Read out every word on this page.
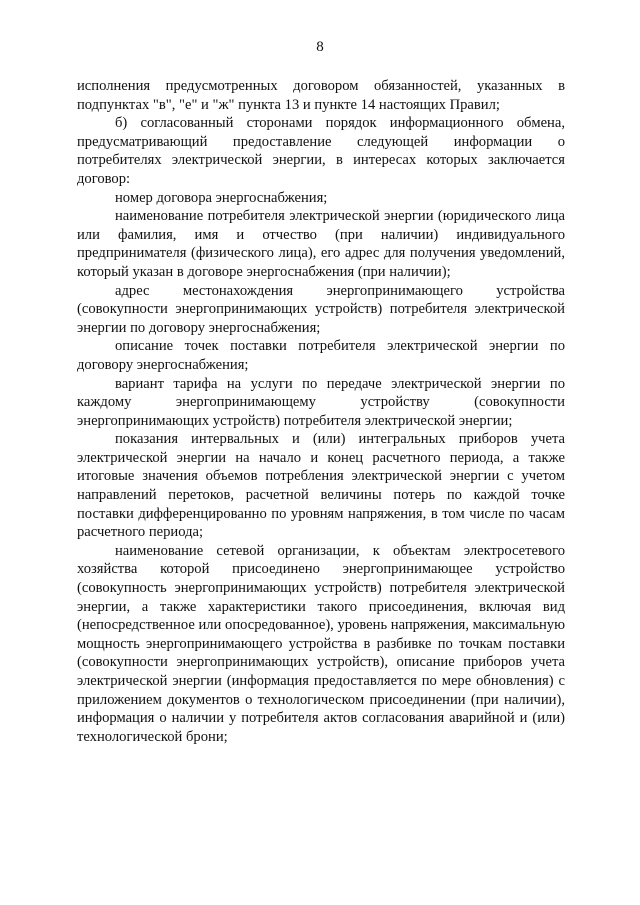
8

исполнения предусмотренных договором обязанностей, указанных в подпунктах "в", "е" и "ж" пункта 13 и пункте 14 настоящих Правил;

б) согласованный сторонами порядок информационного обмена, предусматривающий предоставление следующей информации о потребителях электрической энергии, в интересах которых заключается договор:

номер договора энергоснабжения;

наименование потребителя электрической энергии (юридического лица или фамилия, имя и отчество (при наличии) индивидуального предпринимателя (физического лица), его адрес для получения уведомлений, который указан в договоре энергоснабжения (при наличии);

адрес местонахождения энергопринимающего устройства (совокупности энергопринимающих устройств) потребителя электрической энергии по договору энергоснабжения;

описание точек поставки потребителя электрической энергии по договору энергоснабжения;

вариант тарифа на услуги по передаче электрической энергии по каждому энергопринимающему устройству (совокупности энергопринимающих устройств) потребителя электрической энергии;

показания интервальных и (или) интегральных приборов учета электрической энергии на начало и конец расчетного периода, а также итоговые значения объемов потребления электрической энергии с учетом направлений перетоков, расчетной величины потерь по каждой точке поставки дифференцированно по уровням напряжения, в том числе по часам расчетного периода;

наименование сетевой организации, к объектам электросетевого хозяйства которой присоединено энергопринимающее устройство (совокупность энергопринимающих устройств) потребителя электрической энергии, а также характеристики такого присоединения, включая вид (непосредственное или опосредованное), уровень напряжения, максимальную мощность энергопринимающего устройства в разбивке по точкам поставки (совокупности энергопринимающих устройств), описание приборов учета электрической энергии (информация предоставляется по мере обновления) с приложением документов о технологическом присоединении (при наличии), информация о наличии у потребителя актов согласования аварийной и (или) технологической брони;
